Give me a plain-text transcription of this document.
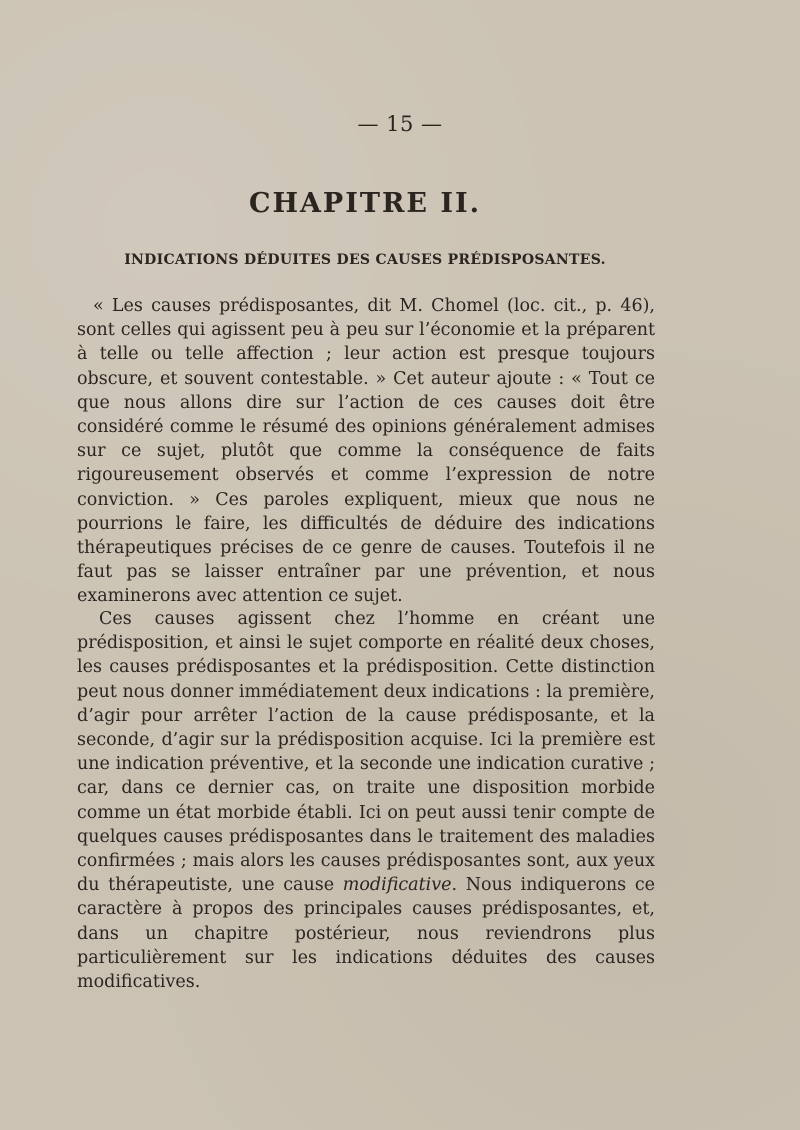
— 15 —
CHAPITRE II.
INDICATIONS DÉDUITES DES CAUSES PRÉDISPOSANTES.
« Les causes prédisposantes, dit M. Chomel (loc. cit., p. 46), sont celles qui agissent peu à peu sur l’économie et la préparent à telle ou telle affection ; leur action est presque toujours obscure, et souvent contestable. » Cet auteur ajoute : « Tout ce que nous allons dire sur l’action de ces causes doit être considéré comme le résumé des opinions généralement admises sur ce sujet, plutôt que comme la conséquence de faits rigoureusement observés et comme l’expression de notre conviction. » Ces paroles expliquent, mieux que nous ne pourrions le faire, les difficultés de déduire des indications thérapeutiques précises de ce genre de causes. Toutefois il ne faut pas se laisser entraîner par une prévention, et nous examinerons avec attention ce sujet.
Ces causes agissent chez l’homme en créant une prédisposition, et ainsi le sujet comporte en réalité deux choses, les causes prédisposantes et la prédisposition. Cette distinction peut nous donner immédiatement deux indications : la première, d’agir pour arrêter l’action de la cause prédisposante, et la seconde, d’agir sur la prédisposition acquise. Ici la première est une indication préventive, et la seconde une indication curative ; car, dans ce dernier cas, on traite une disposition morbide comme un état morbide établi. Ici on peut aussi tenir compte de quelques causes prédisposantes dans le traitement des maladies confirmées ; mais alors les causes prédisposantes sont, aux yeux du thérapeutiste, une cause modificative. Nous indiquerons ce caractère à propos des principales causes prédisposantes, et, dans un chapitre postérieur, nous reviendrons plus particulièrement sur les indications déduites des causes modificatives.
